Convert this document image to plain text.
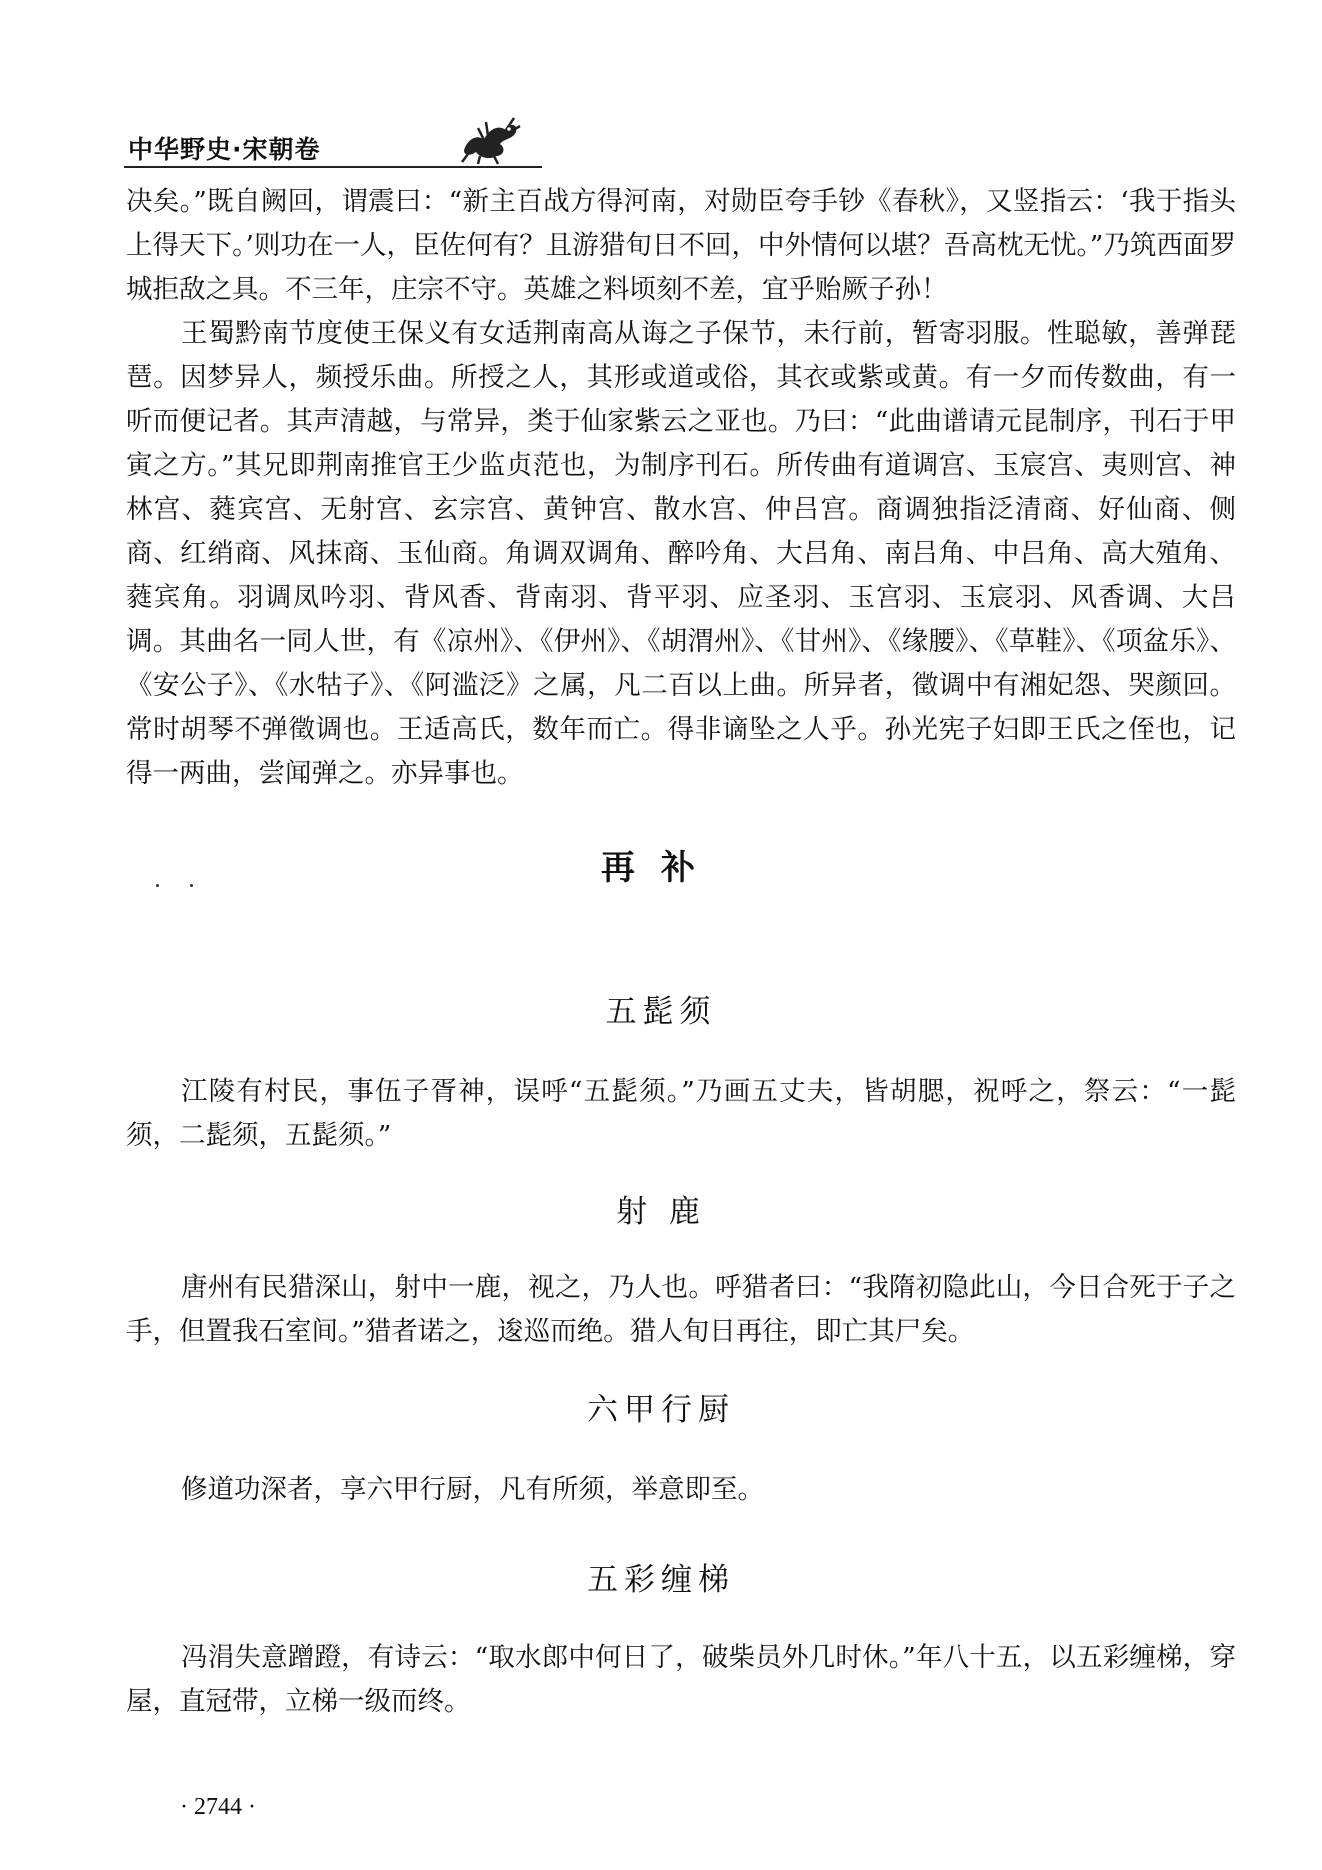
中华野史·宋朝卷

决矣。”既自阙回，谓震曰：“新主百战方得河南，对勋臣夸手钞《春秋》，又竖指云：‘我于指头上得天下。’则功在一人，臣佐何有？且游猎旬日不回，中外情何以堪？吾高枕无忧。”乃筑西面罗城拒敌之具。不三年，庄宗不守。英雄之料顷刻不差，宜乎贻厥子孙！

王蜀黔南节度使王保义有女适荆南高从诲之子保节，未行前，暂寄羽服。性聪敏，善弹琵琶。因梦异人，频授乐曲。所授之人，其形或道或俗，其衣或紫或黄。有一夕而传数曲，有一听而便记者。其声清越，与常异，类于仙家紫云之亚也。乃曰：“此曲谱请元昆制序，刊石于甲寅之方。”其兄即荆南推官王少监贞范也，为制序刊石。所传曲有道调宫、玉宸宫、夷则宫、神林宫、蕤宾宫、无射宫、玄宗宫、黄钟宫、散水宫、仲吕宫。商调独指泛清商、好仙商、侧商、红绡商、风抹商、玉仙商。角调双调角、醉吟角、大吕角、南吕角、中吕角、高大殖角、蕤宾角。羽调凤吟羽、背风香、背南羽、背平羽、应圣羽、玉宫羽、玉宸羽、风香调、大吕调。其曲名一同人世，有《凉州》、《伊州》、《胡渭州》、《甘州》、《缘腰》、《草鞋》、《项盆乐》、《安公子》、《水牯子》、《阿滥泛》之属，凡二百以上曲。所异者，徵调中有湘妃怨、哭颜回。常时胡琴不弹徵调也。王适高氏，数年而亡。得非谪坠之人乎。孙光宪子妇即王氏之侄也，记得一两曲，尝闻弹之。亦异事也。

再补
五髭须

江陵有村民，事伍子胥神，误呼“五髭须。”乃画五丈夫，皆胡腮，祝呼之，祭云：“一髭须，二髭须，五髭须。”

射 鹿

唐州有民猎深山，射中一鹿，视之，乃人也。呼猎者曰：“我隋初隐此山，今日合死于子之手，但置我石室间。”猎者诺之，逡巡而绝。猎人旬日再往，即亡其尸矣。

六甲行厨

修道功深者，享六甲行厨，凡有所须，举意即至。

五彩缠梯

冯涓失意蹭蹬，有诗云：“取水郎中何日了，破柴员外几时休。”年八十五，以五彩缠梯，穿屋，直冠带，立梯一级而终。

· 2744 ·
